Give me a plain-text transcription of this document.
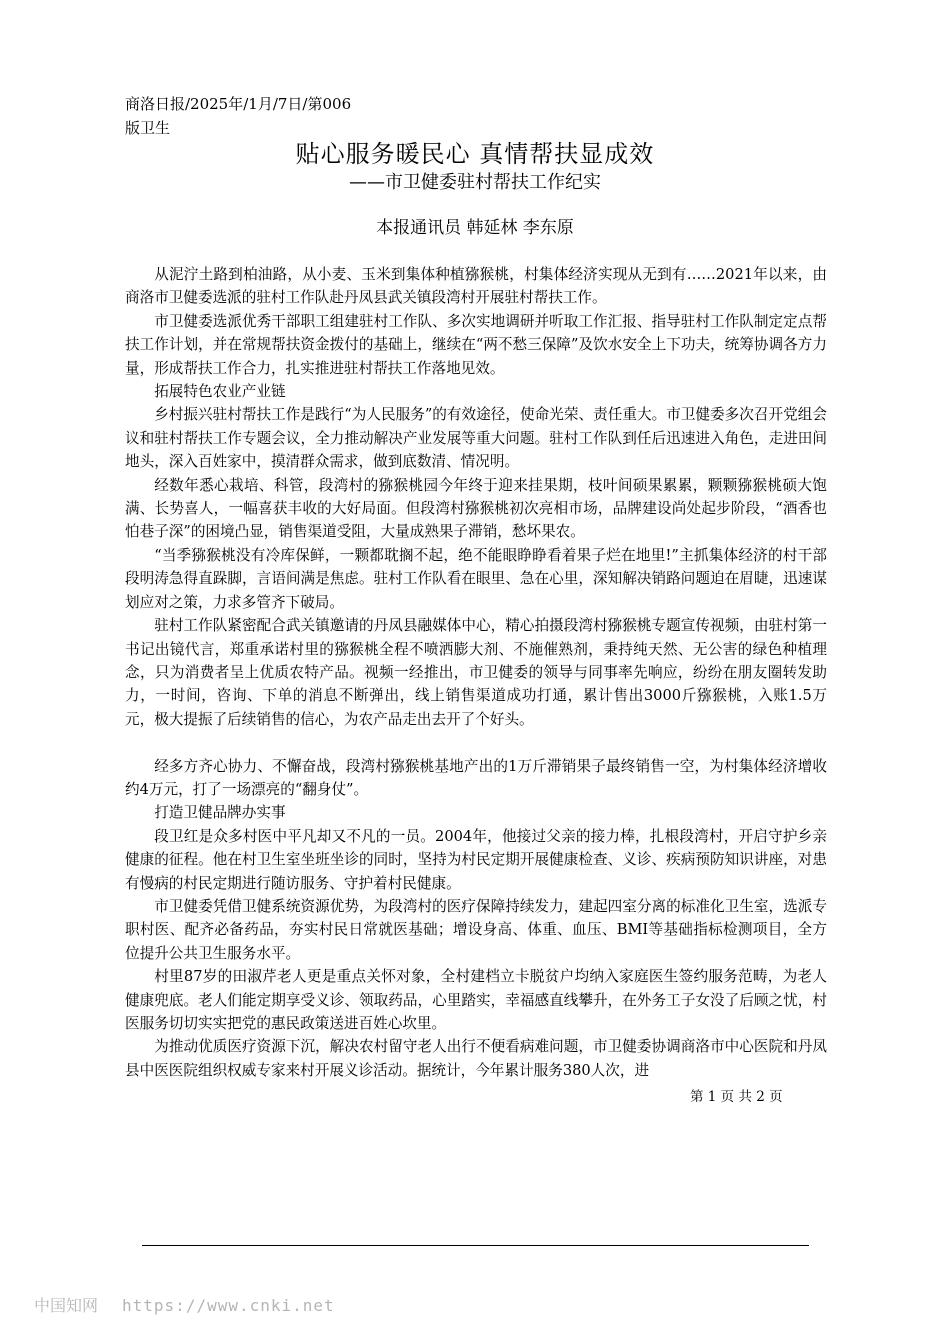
商洛日报/2025年/1月/7日/第006版卫生

贴心服务暖民心 真情帮扶显成效
——市卫健委驻村帮扶工作纪实
本报通讯员 韩延林 李东原

从泥泞土路到柏油路，从小麦、玉米到集体种植猕猴桃，村集体经济实现从无到有……2021年以来，由商洛市卫健委选派的驻村工作队赴丹凤县武关镇段湾村开展驻村帮扶工作。

市卫健委选派优秀干部职工组建驻村工作队、多次实地调研并听取工作汇报、指导驻村工作队制定定点帮扶工作计划，并在常规帮扶资金拨付的基础上，继续在“两不愁三保障”及饮水安全上下功夫，统筹协调各方力量，形成帮扶工作合力，扎实推进驻村帮扶工作落地见效。

拓展特色农业产业链

乡村振兴驻村帮扶工作是践行“为人民服务”的有效途径，使命光荣、责任重大。市卫健委多次召开党组会议和驻村帮扶工作专题会议，全力推动解决产业发展等重大问题。驻村工作队到任后迅速进入角色，走进田间地头，深入百姓家中，摸清群众需求，做到底数清、情况明。

经数年悉心栽培、科管，段湾村的猕猴桃园今年终于迎来挂果期，枝叶间硕果累累，颗颗猕猴桃硕大饱满、长势喜人，一幅喜获丰收的大好局面。但段湾村猕猴桃初次亮相市场，品牌建设尚处起步阶段，“酒香也怕巷子深”的困境凸显，销售渠道受阻，大量成熟果子滞销，愁坏果农。

“当季猕猴桃没有冷库保鲜，一颗都耽搁不起，绝不能眼睁睁看着果子烂在地里!”主抓集体经济的村干部段明涛急得直跺脚，言语间满是焦虑。驻村工作队看在眼里、急在心里，深知解决销路问题迫在眉睫，迅速谋划应对之策，力求多管齐下破局。

驻村工作队紧密配合武关镇邀请的丹凤县融媒体中心，精心拍摄段湾村猕猴桃专题宣传视频，由驻村第一书记出镜代言，郑重承诺村里的猕猴桃全程不喷洒膨大剂、不施催熟剂，秉持纯天然、无公害的绿色种植理念，只为消费者呈上优质农特产品。视频一经推出，市卫健委的领导与同事率先响应，纷纷在朋友圈转发助力，一时间，咨询、下单的消息不断弹出，线上销售渠道成功打通，累计售出3000斤猕猴桃，入账1.5万元，极大提振了后续销售的信心，为农产品走出去开了个好头。

经多方齐心协力、不懈奋战，段湾村猕猴桃基地产出的1万斤滞销果子最终销售一空，为村集体经济增收约4万元，打了一场漂亮的“翻身仗”。

打造卫健品牌办实事

段卫红是众多村医中平凡却又不凡的一员。2004年，他接过父亲的接力棒，扎根段湾村，开启守护乡亲健康的征程。他在村卫生室坐班坐诊的同时，坚持为村民定期开展健康检查、义诊、疾病预防知识讲座，对患有慢病的村民定期进行随访服务、守护着村民健康。

市卫健委凭借卫健系统资源优势，为段湾村的医疗保障持续发力，建起四室分离的标准化卫生室，选派专职村医、配齐必备药品，夯实村民日常就医基础；增设身高、体重、血压、BMI等基础指标检测项目，全方位提升公共卫生服务水平。

村里87岁的田淑芹老人更是重点关怀对象，全村建档立卡脱贫户均纳入家庭医生签约服务范畴，为老人健康兜底。老人们能定期享受义诊、领取药品，心里踏实，幸福感直线攀升，在外务工子女没了后顾之忧，村医服务切切实实把党的惠民政策送进百姓心坎里。

为推动优质医疗资源下沉，解决农村留守老人出行不便看病难问题，市卫健委协调商洛市中心医院和丹凤县中医医院组织权威专家来村开展义诊活动。据统计，今年累计服务380人次，进

第 1 页 共 2 页
中国知网 https://www.cnki.net
